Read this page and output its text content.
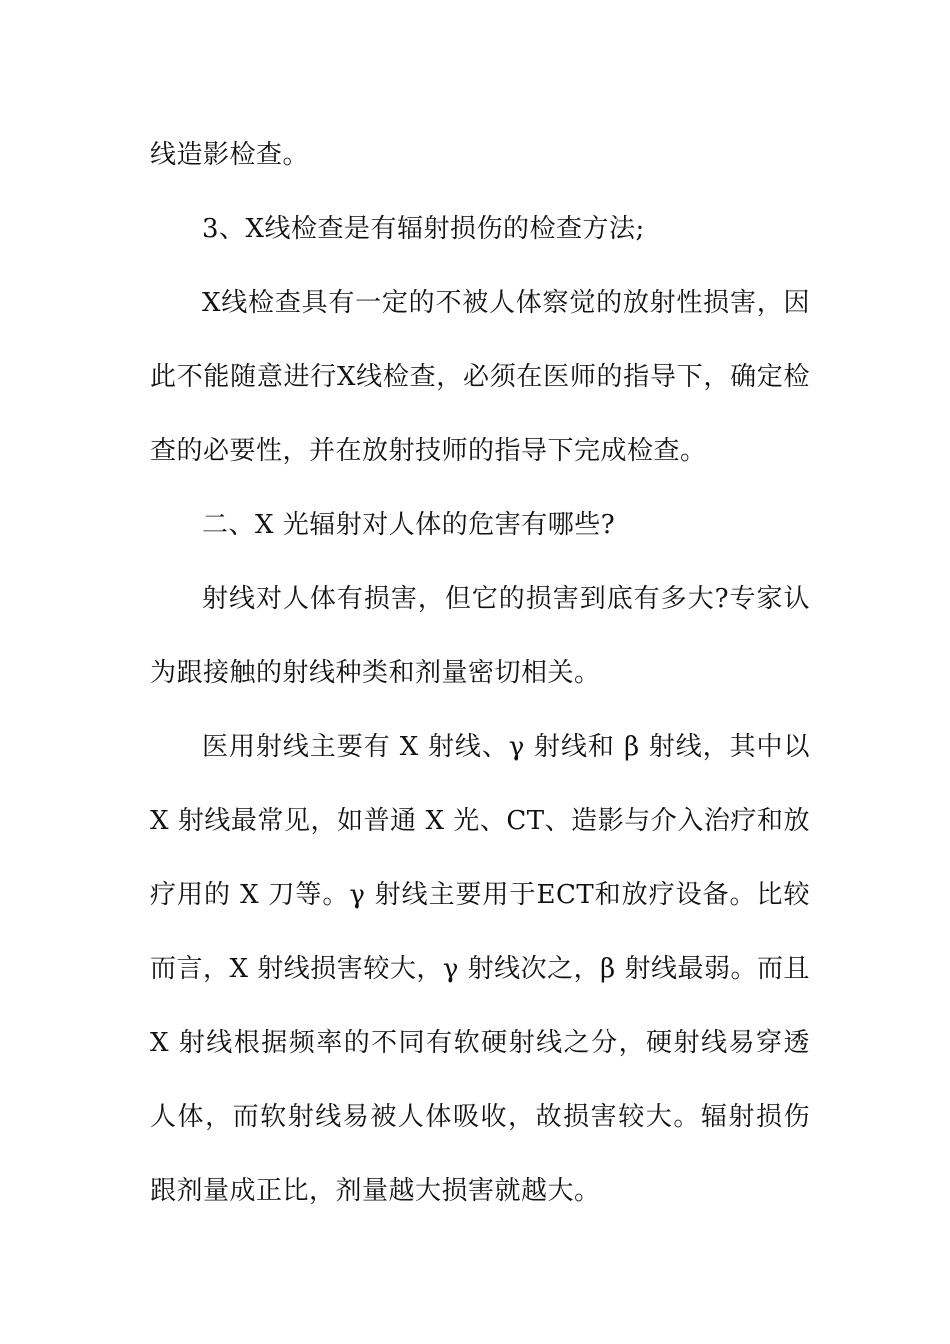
线造影检查。

3、X线检查是有辐射损伤的检查方法;

X线检查具有一定的不被人体察觉的放射性损害，因此不能随意进行X线检查，必须在医师的指导下，确定检查的必要性，并在放射技师的指导下完成检查。

二、X 光辐射对人体的危害有哪些?

射线对人体有损害，但它的损害到底有多大?专家认为跟接触的射线种类和剂量密切相关。

医用射线主要有 X 射线、γ 射线和 β 射线，其中以 X 射线最常见，如普通 X 光、CT、造影与介入治疗和放疗用的 X 刀等。γ 射线主要用于ECT和放疗设备。比较而言，X 射线损害较大，γ 射线次之，β 射线最弱。而且 X 射线根据频率的不同有软硬射线之分，硬射线易穿透人体，而软射线易被人体吸收，故损害较大。辐射损伤跟剂量成正比，剂量越大损害就越大。
